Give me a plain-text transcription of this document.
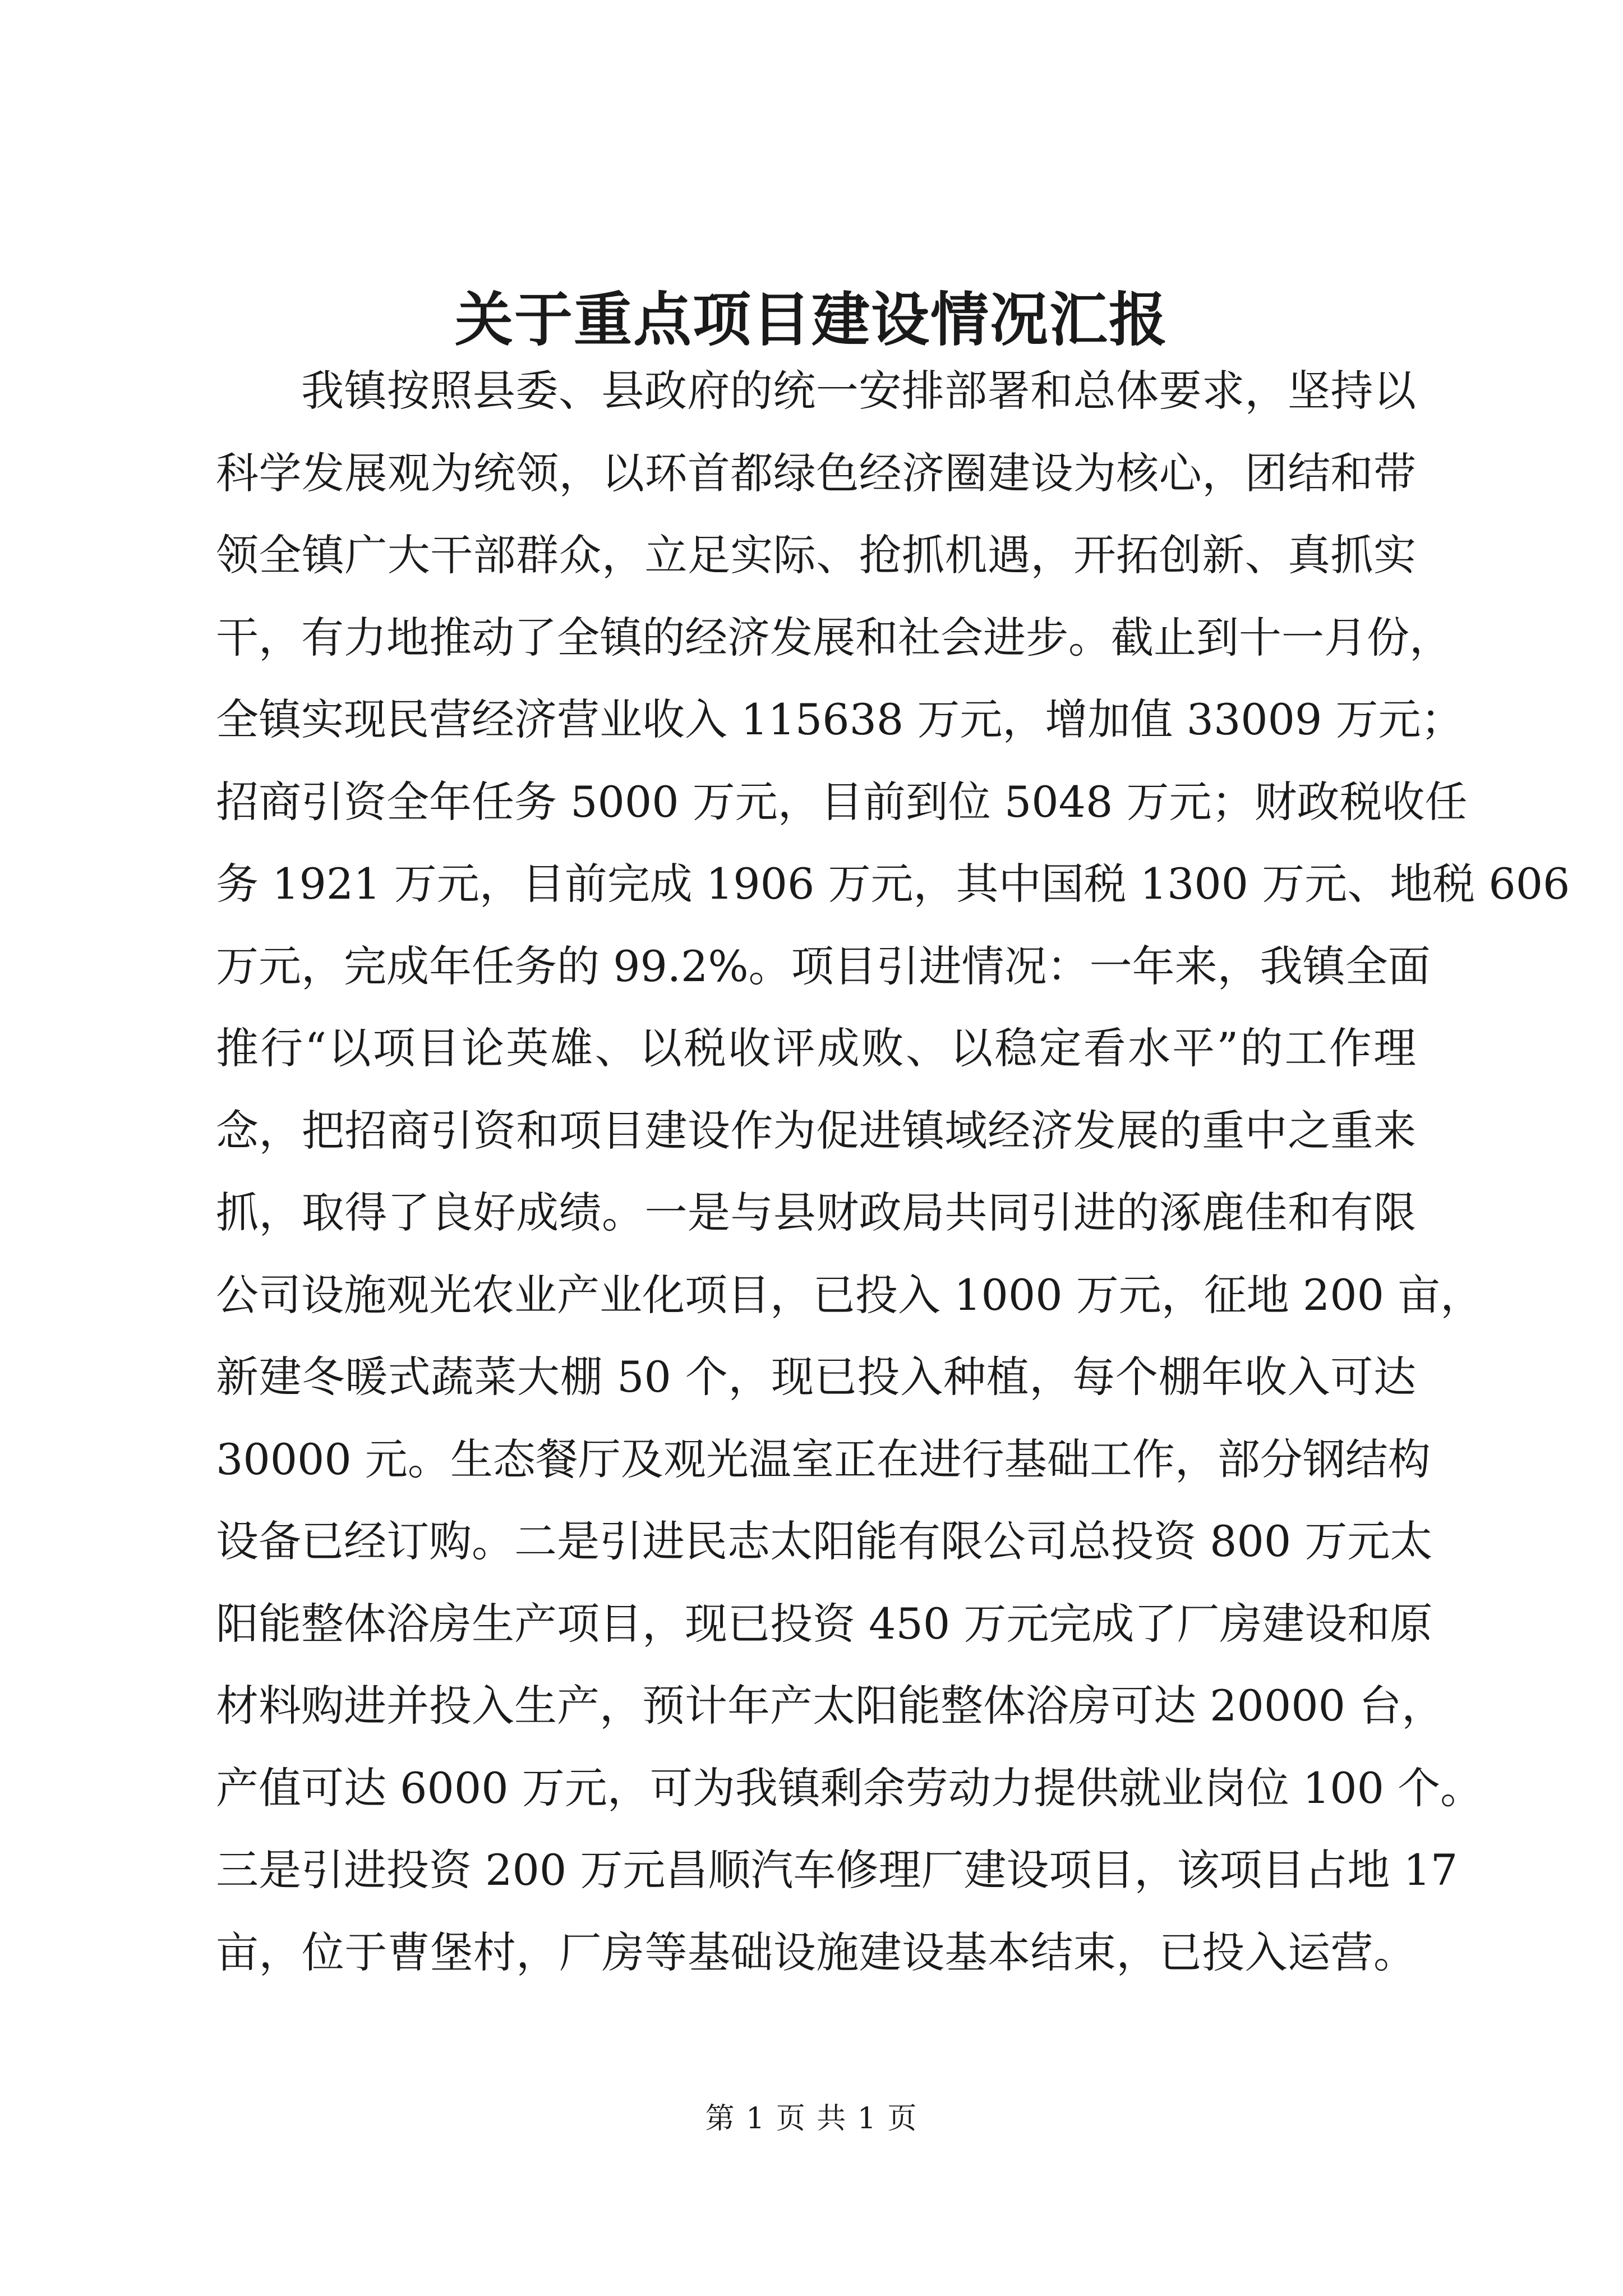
关于重点项目建设情况汇报
我镇按照县委、县政府的统一安排部署和总体要求，坚持以
科学发展观为统领，以环首都绿色经济圈建设为核心，团结和带
领全镇广大干部群众，立足实际、抢抓机遇，开拓创新、真抓实
干，有力地推动了全镇的经济发展和社会进步。截止到十一月份，
全镇实现民营经济营业收入 115638 万元，增加值 33009 万元；
招商引资全年任务 5000 万元，目前到位 5048 万元；财政税收任
务 1921 万元，目前完成 1906 万元，其中国税 1300 万元、地税 606
万元，完成年任务的 99.2%。项目引进情况：一年来，我镇全面
推行“以项目论英雄、以税收评成败、以稳定看水平”的工作理
念，把招商引资和项目建设作为促进镇域经济发展的重中之重来
抓，取得了良好成绩。一是与县财政局共同引进的涿鹿佳和有限
公司设施观光农业产业化项目，已投入 1000 万元，征地 200 亩，
新建冬暖式蔬菜大棚 50 个，现已投入种植，每个棚年收入可达
30000 元。生态餐厅及观光温室正在进行基础工作，部分钢结构
设备已经订购。二是引进民志太阳能有限公司总投资 800 万元太
阳能整体浴房生产项目，现已投资 450 万元完成了厂房建设和原
材料购进并投入生产，预计年产太阳能整体浴房可达 20000 台，
产值可达 6000 万元，可为我镇剩余劳动力提供就业岗位 100 个。
三是引进投资 200 万元昌顺汽车修理厂建设项目，该项目占地 17
亩，位于曹堡村，厂房等基础设施建设基本结束，已投入运营。
第 1 页 共 1 页
